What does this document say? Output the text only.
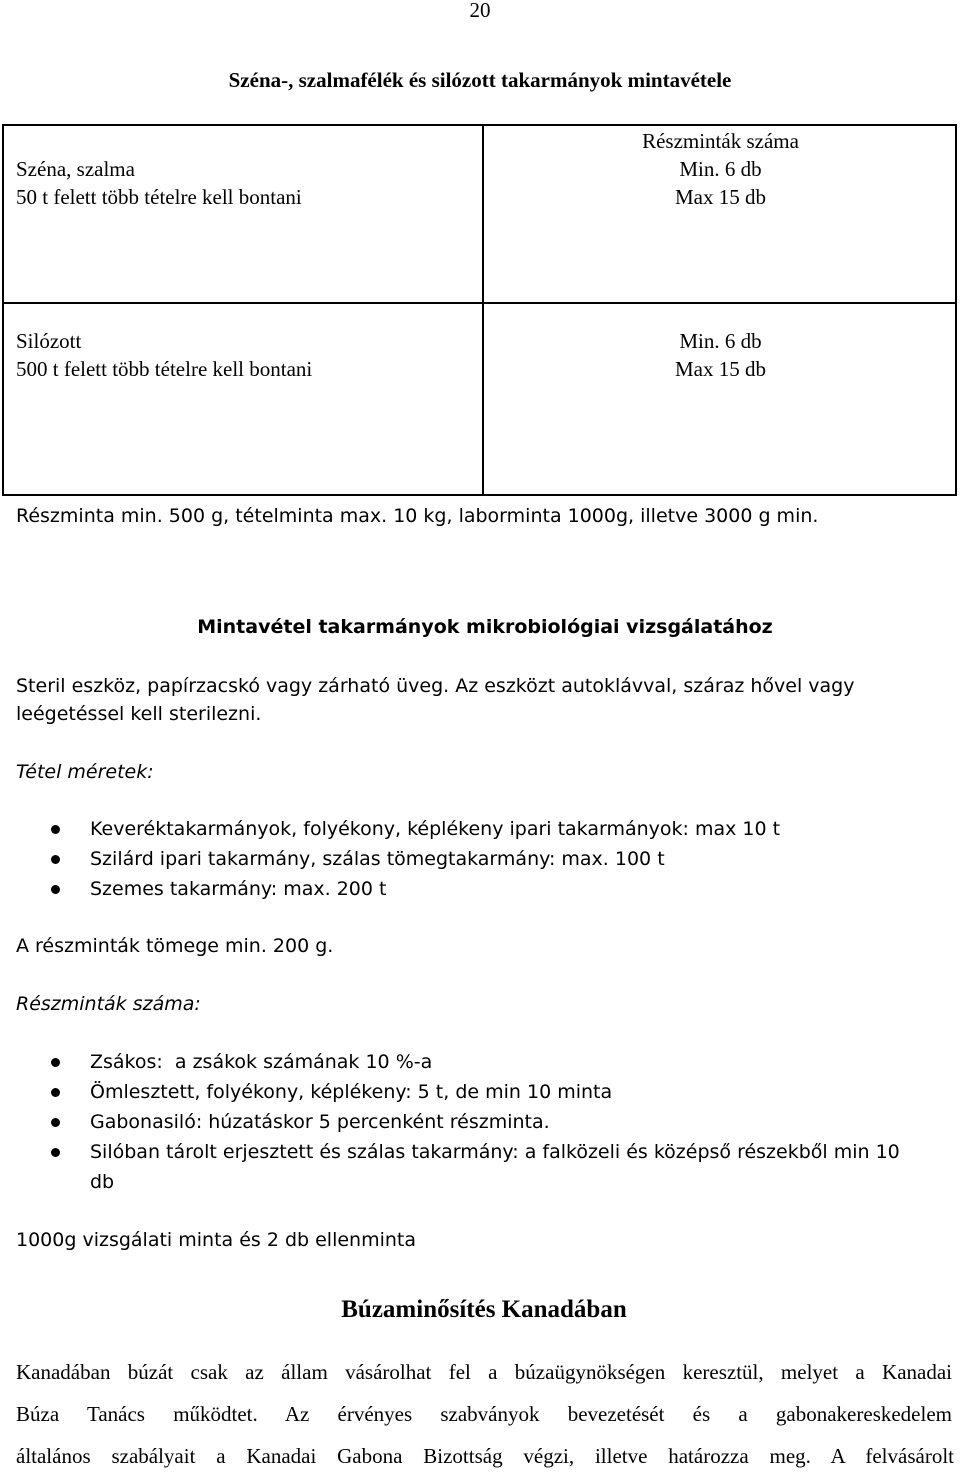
20
Széna-, szalmafélék és silózott takarmányok mintavétele
Széna, szalma
50 t felett több tételre kell bontani
Részminták száma
Min. 6 db
Max 15 db
Silózott
500 t felett több tételre kell bontani
Min. 6 db
Max 15 db
Részminta min. 500 g, tételminta max. 10 kg, laborminta 1000g, illetve 3000 g min.
Mintavétel takarmányok mikrobiológiai vizsgálatához
Steril eszköz, papírzacskó vagy zárható üveg. Az eszközt autoklávval, száraz hővel vagy
leégetéssel kell sterilezni.
Tétel méretek:
Keveréktakarmányok, folyékony, képlékeny ipari takarmányok: max 10 t
Szilárd ipari takarmány, szálas tömegtakarmány: max. 100 t
Szemes takarmány: max. 200 t
A részminták tömege min. 200 g.
Részminták száma:
Zsákos:  a zsákok számának 10 %-a
Ömlesztett, folyékony, képlékeny: 5 t, de min 10 minta
Gabonasiló: húzatáskor 5 percenként részminta.
Silóban tárolt erjesztett és szálas takarmány: a falközeli és középső részekből min 10
db
1000g vizsgálati minta és 2 db ellenminta
Búzaminősítés Kanadában
Kanadában búzát csak az állam vásárolhat fel a búzaügynökségen keresztül, melyet a Kanadai
Búza Tanács működtet. Az érvényes szabványok bevezetését és a gabonakereskedelem
általános szabályait a Kanadai Gabona Bizottság végzi, illetve határozza meg. A felvásárolt
